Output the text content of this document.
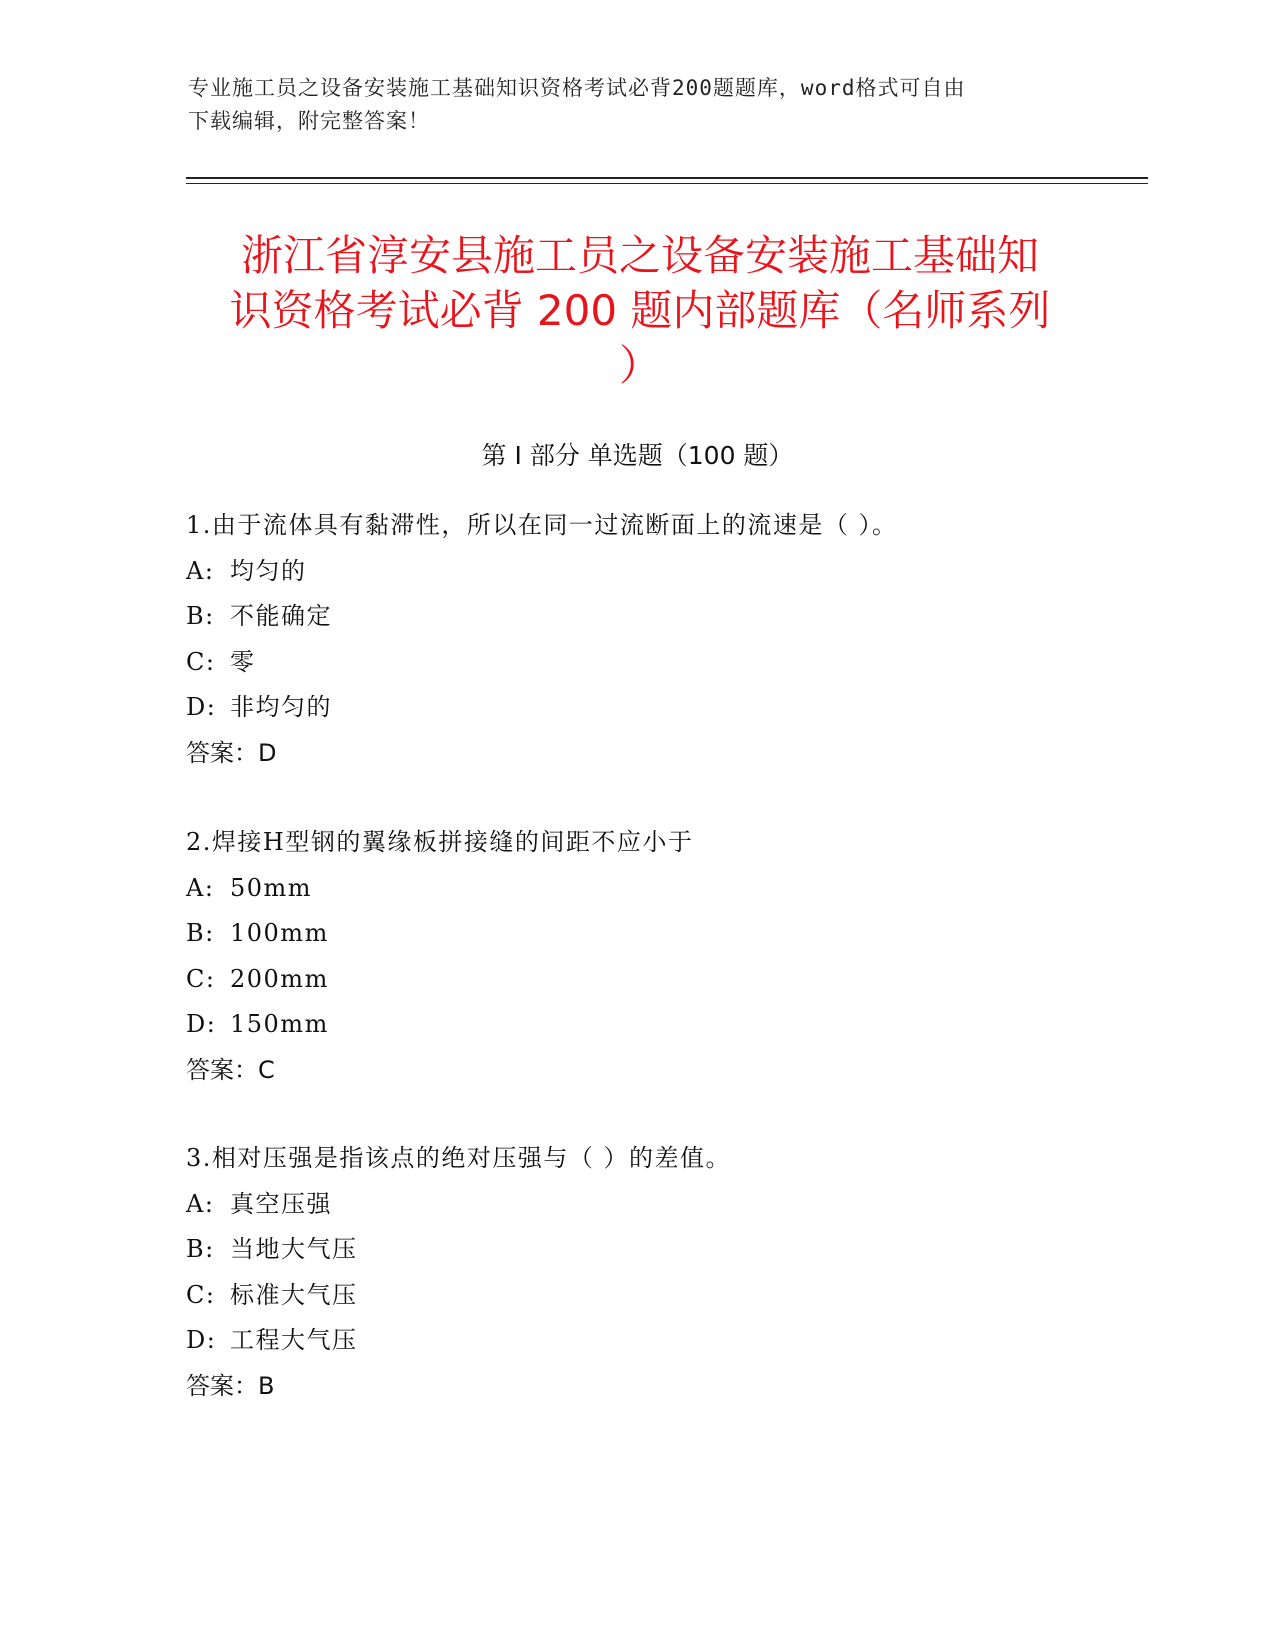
专业施工员之设备安装施工基础知识资格考试必背200题题库，word格式可自由
下载编辑，附完整答案！
浙江省淳安县施工员之设备安装施工基础知
识资格考试必背 200 题内部题库（名师系列
）
第 I 部分 单选题（100 题）
1.由于流体具有黏滞性，所以在同一过流断面上的流速是（ ）。
A: 均匀的
B: 不能确定
C: 零
D: 非均匀的
答案：D
2.焊接H型钢的翼缘板拼接缝的间距不应小于
A: 50mm
B: 100mm
C: 200mm
D: 150mm
答案：C
3.相对压强是指该点的绝对压强与（ ）的差值。
A: 真空压强
B: 当地大气压
C: 标准大气压
D: 工程大气压
答案：B
